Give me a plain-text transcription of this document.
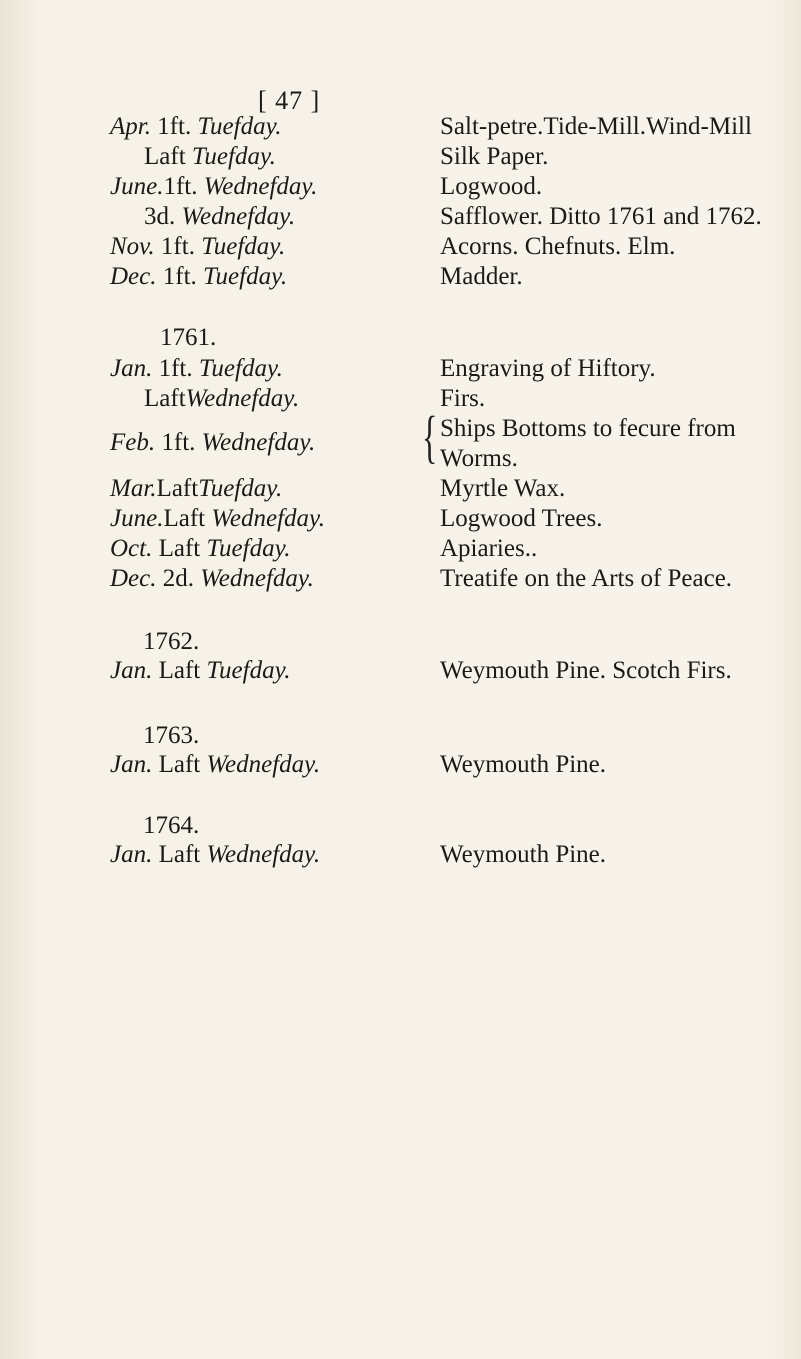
[ 47 ]
Apr. 1ft. Tuefday.	Salt-petre.Tide-Mill.Wind-Mill
Laft Tuefday.	Silk Paper.
June.1ft. Wednefday.	Logwood.
3d. Wednefday.	Safflower. Ditto 1761 and 1762.
Nov. 1ft. Tuefday.	Acorns. Chefnuts. Elm.
Dec. 1ft. Tuefday.	Madder.
1761.
Jan. 1ft. Tuefday.	Engraving of Hiftory.
LaftWednefday.	Firs.
Feb. 1ft. Wednefday. { Ships Bottoms to fecure from Worms.
Mar.LaftTuefday.	Myrtle Wax.
June.Laft Wednefday.	Logwood Trees.
Oct. Laft Tuefday.	Apiaries..
Dec. 2d. Wednefday.	Treatife on the Arts of Peace.
1762.
Jan. Laft Tuefday.	Weymouth Pine. Scotch Firs.
1763.
Jan. Laft Wednefday.	Weymouth Pine.
1764.
Jan. Laft Wednefday.	Weymouth Pine.
